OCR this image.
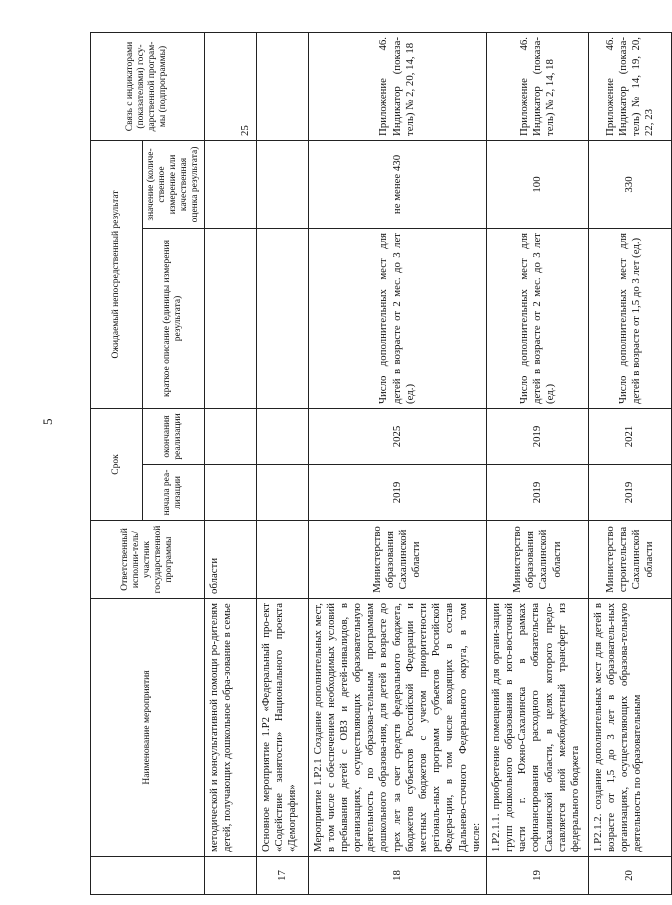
5
	Наименование мероприятия	Ответственный исполни-тель/участник государственной программы	Срок		Ожидаемый непосредственный результат		Связь с индикаторами (показателями) госу-дарственной програм-мы (подпрограммы)
			начала реа-лизации	окончания реализации	краткое описание (единицы измерения результата)	значение (количе-ственное измерение или качественная оценка результата)	
	методической и консультативной помощи ро-дителям детей, получающих дошкольное обра-зование в семье	области					25
17	Основное мероприятие 1.Р2 «Федеральный про-ект «Содействие занятости» Национального проекта «Демография»						
18	Мероприятие 1.Р2.1 Создание дополнительных мест, в том числе с обеспечением необходимых условий пребывания детей с ОВЗ и детей-инвалидов, в организациях, осуществляющих образовательную деятельность по образова-тельным программам дошкольного образова-ния, для детей в возрасте до трех лет за счет средств федерального бюджета, бюджетов субъектов Российской Федерации и местных бюджетов с учетом приоритетности регіональ-ных программ субъектов Российской Федера-ции, в том числе входящих в состав Дальнево-сточного Федерального округа, в том числе:	Министерство образования Сахалинской области	2019	2025	Число дополнительных мест для детей в возрасте от 2 мес. до 3 лет (ед.)	не менее 430	Приложение 46. Индикатор (показа-тель) № 2, 20, 14, 18
19	1.Р2.1.1. приобретение помещений для органи-зации групп дошкольного образования в юго-восточной части г. Южно-Сахалинска в рамках софинансирования расходного обязательства Сахалинской области, в целях которого предо-ставляется иной межбюджетный трансферт из федерального бюджета	Министерство образования Сахалинской области	2019	2019	Число дополнительных мест для детей в возрасте от 2 мес. до 3 лет (ед.)	100	Приложение 46. Индикатор (показа-тель) № 2, 14, 18
20	1.Р2.1.2. создание дополнительных мест для детей в возрасте от 1,5 до 3 лет в образователь-ных организациях, осуществляющих образова-тельную деятельность по образовательным	Министерство строительства Сахалинской области	2019	2021	Число дополнительных мест для детей в возрасте от 1,5 до 3 лет (ед.)	330	Приложение 46. Индикатор (показа-тель) № 14, 19, 20, 22, 23
